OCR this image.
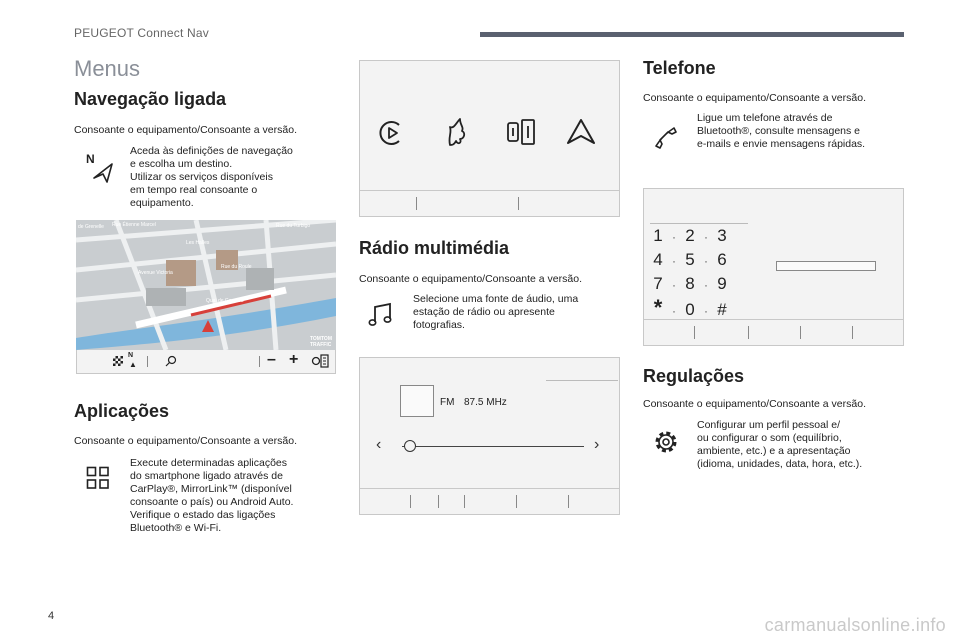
PEUGEOT Connect Nav
Menus
Navegação ligada

Consoante o equipamento/Consoante a versão.

N
Aceda às definições de navegação
e escolha um destino.
Utilizar os serviços disponíveis
em tempo real consoante o
equipamento.
de Grenelle Rue Étienne Marcel	Rue du Turbigo
Les Halles
Rue du Roule
Avenue Victoria
Quai de Gesvres
TOMTOM
TRAFFIC
N
▲	– +
Aplicações

Consoante o equipamento/Consoante a versão.

Execute determinadas aplicações
do smartphone ligado através de
CarPlay®, MirrorLink™ (disponível
consoante o país) ou Android Auto.
Verifique o estado das ligações
Bluetooth® e Wi-Fi.
Rádio multimédia

Consoante o equipamento/Consoante a versão.

Selecione uma fonte de áudio, uma
estação de rádio ou apresente
fotografias.
FM 87.5 MHz
‹	›
Telefone

Consoante o equipamento/Consoante a versão.

Ligue um telefone através de
Bluetooth®, consulte mensagens e
e-mails e envie mensagens rápidas.
1 · 2 · 3
4 · 5 · 6
7 · 8 · 9
* · 0 · #
Regulações

Consoante o equipamento/Consoante a versão.

Configurar um perfil pessoal e/
ou configurar o som (equilíbrio,
ambiente, etc.) e a apresentação
(idioma, unidades, data, hora, etc.).
4	carmanualsonline.info
